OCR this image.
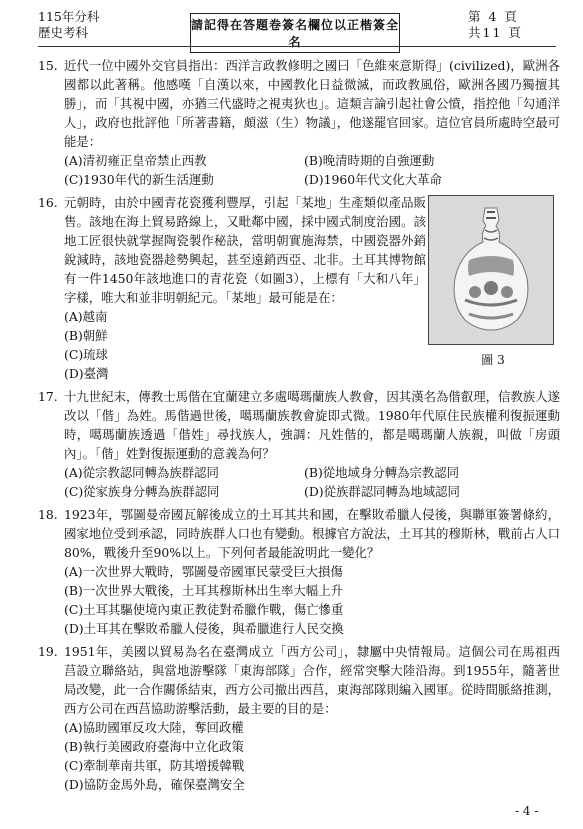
115年分科
歷史考科	請記得在答題卷簽名欄位以正楷簽全名
第 4 頁
共11 頁
15. 近代一位中國外交官員指出：西洋言政教修明之國曰「色維來意斯得」(civilized)，歐洲各國都以此著稱。他感嘆「自漢以來，中國教化日益微滅，而政教風俗，歐洲各國乃獨擅其勝」，而「其視中國，亦猶三代盛時之視夷狄也」。這類言論引起社會公憤，指控他「勾通洋人」，政府也批評他「所著書籍，頗滋（生）物議」，他遂罷官回家。這位官員所處時空最可能是：
(A)清初雍正皇帝禁止西教	(B)晚清時期的自強運動
(C)1930年代的新生活運動	(D)1960年代文化大革命
16. 元朝時，由於中國青花瓷獲利豐厚，引起「某地」生產類似產品販售。該地在海上貿易路線上，又毗鄰中國，採中國式制度治國。該地工匠很快就掌握陶瓷製作秘訣，當明朝實施海禁，中國瓷器外銷銳減時，該地瓷器趁勢興起，甚至遠銷西亞、北非。土耳其博物館有一件1450年該地進口的青花瓷（如圖3），上標有「大和八年」字樣，唯大和並非明朝紀元。「某地」最可能是在：
(A)越南
(B)朝鮮
(C)琉球
(D)臺灣
圖 3
17. 十九世紀末，傳教士馬偕在宜蘭建立多處噶瑪蘭族人教會，因其漢名為偕叡理，信教族人遂改以「偕」為姓。馬偕過世後，噶瑪蘭族教會旋即式微。1980年代原住民族權利復振運動時，噶瑪蘭族透過「偕姓」尋找族人，強調：凡姓偕的，都是噶瑪蘭人族親，叫做「房頭內」。「偕」姓對復振運動的意義為何？
(A)從宗教認同轉為族群認同	(B)從地域身分轉為宗教認同
(C)從家族身分轉為族群認同	(D)從族群認同轉為地域認同
18. 1923年，鄂圖曼帝國瓦解後成立的土耳其共和國，在擊敗希臘人侵後，與聯軍簽署條約，國家地位受到承認，同時族群人口也有變動。根據官方說法，土耳其的穆斯林，戰前占人口80%，戰後升至90%以上。下列何者最能說明此一變化？
(A)一次世界大戰時，鄂圖曼帝國軍民蒙受巨大損傷
(B)一次世界大戰後，土耳其穆斯林出生率大幅上升
(C)土耳其驅使境內東正教徒對希臘作戰，傷亡慘重
(D)土耳其在擊敗希臘人侵後，與希臘進行人民交換
19. 1951年，美國以貿易為名在臺灣成立「西方公司」，隸屬中央情報局。這個公司在馬祖西莒設立聯絡站，與當地游擊隊「東海部隊」合作，經常突擊大陸沿海。到1955年，隨著世局改變，此一合作關係結束，西方公司撤出西莒，東海部隊則編入國軍。從時間脈絡推測，西方公司在西莒協助游擊活動，最主要的目的是：
(A)協助國軍反攻大陸，奪回政權
(B)執行美國政府臺海中立化政策
(C)牽制華南共軍，防其增援韓戰
(D)協防金馬外島，確保臺灣安全
- 4 -
